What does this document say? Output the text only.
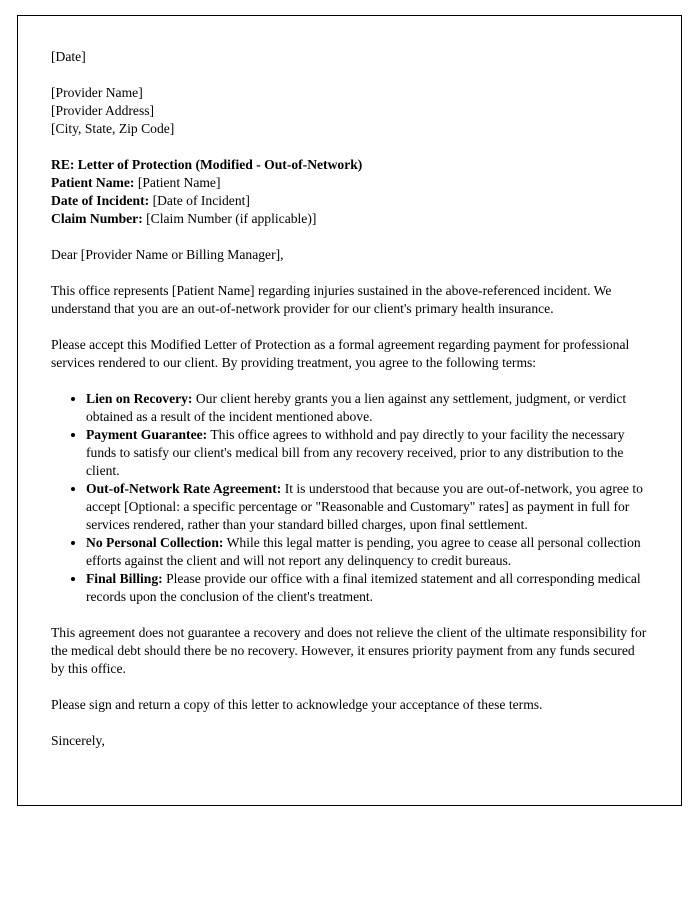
[Date]

[Provider Name]

[Provider Address]

[City, State, Zip Code]

RE: Letter of Protection (Modified - Out-of-Network)

Patient Name: [Patient Name]

Date of Incident: [Date of Incident]

Claim Number: [Claim Number (if applicable)]

Dear [Provider Name or Billing Manager],

This office represents [Patient Name] regarding injuries sustained in the above-referenced incident. We understand that you are an out-of-network provider for our client's primary health insurance.

Please accept this Modified Letter of Protection as a formal agreement regarding payment for professional services rendered to our client. By providing treatment, you agree to the following terms:

• Lien on Recovery: Our client hereby grants you a lien against any settlement, judgment, or verdict obtained as a result of the incident mentioned above.
• Payment Guarantee: This office agrees to withhold and pay directly to your facility the necessary funds to satisfy our client's medical bill from any recovery received, prior to any distribution to the client.
• Out-of-Network Rate Agreement: It is understood that because you are out-of-network, you agree to accept [Optional: a specific percentage or "Reasonable and Customary" rates] as payment in full for services rendered, rather than your standard billed charges, upon final settlement.
• No Personal Collection: While this legal matter is pending, you agree to cease all personal collection efforts against the client and will not report any delinquency to credit bureaus.
• Final Billing: Please provide our office with a final itemized statement and all corresponding medical records upon the conclusion of the client's treatment.

This agreement does not guarantee a recovery and does not relieve the client of the ultimate responsibility for the medical debt should there be no recovery. However, it ensures priority payment from any funds secured by this office.

Please sign and return a copy of this letter to acknowledge your acceptance of these terms.

Sincerely,
